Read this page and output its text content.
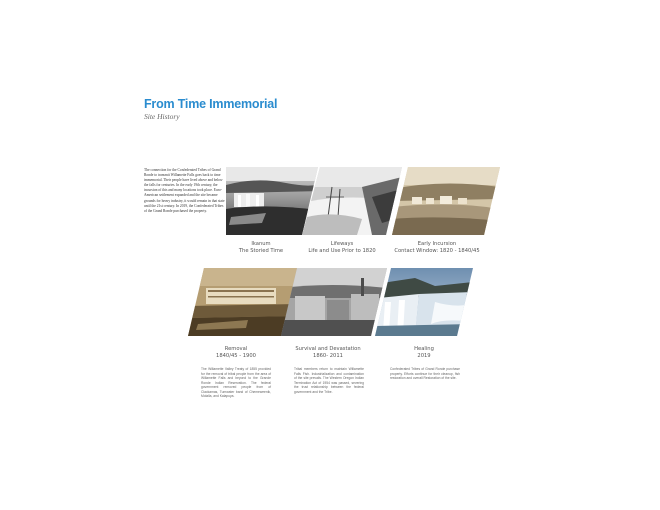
From Time Immemorial
Site History
The connection for the Confederated Tribes of Grand Ronde to transmit Willamette Falls goes back to time immemorial. Their people have lived above and below the falls for centuries. In the early 19th century, the incursion of this and many locations took place. Euro-American settlement expanded and the site became grounds for heavy industry, it would remain in that state until the 21st century. In 2019, the Confederated Tribes of the Grand Ronde purchased the property.
Ikanum
The Storied Time
Lifeways
Life and Use Prior to 1820
Early Incursion
Contact Window: 1820 - 1840/45
Removal
1840/45 - 1900
The Willamette Valley Treaty of 1855 provided for the removal of tribal people from the area of Willamette Falls and beyond to the Grande Ronde Indian Reservation. The federal government removed people from of Clackamas, Tumwater band of Chemeweenik, Molalla, and Kalapuya.
Survival and Devastation
1860- 2011
Tribal members return to maintain Willamette Falls Fish. Industrialization and contamination of the site prevails. The Western Oregon Indian Termination Act of 1954 was passed, severing the trust relationship between the federal government and the Tribe.
Healing
2019
Confederated Tribes of Grand Ronde purchase property. Efforts continue for their cleanup, fish restoration and overall Restoration of the site.
